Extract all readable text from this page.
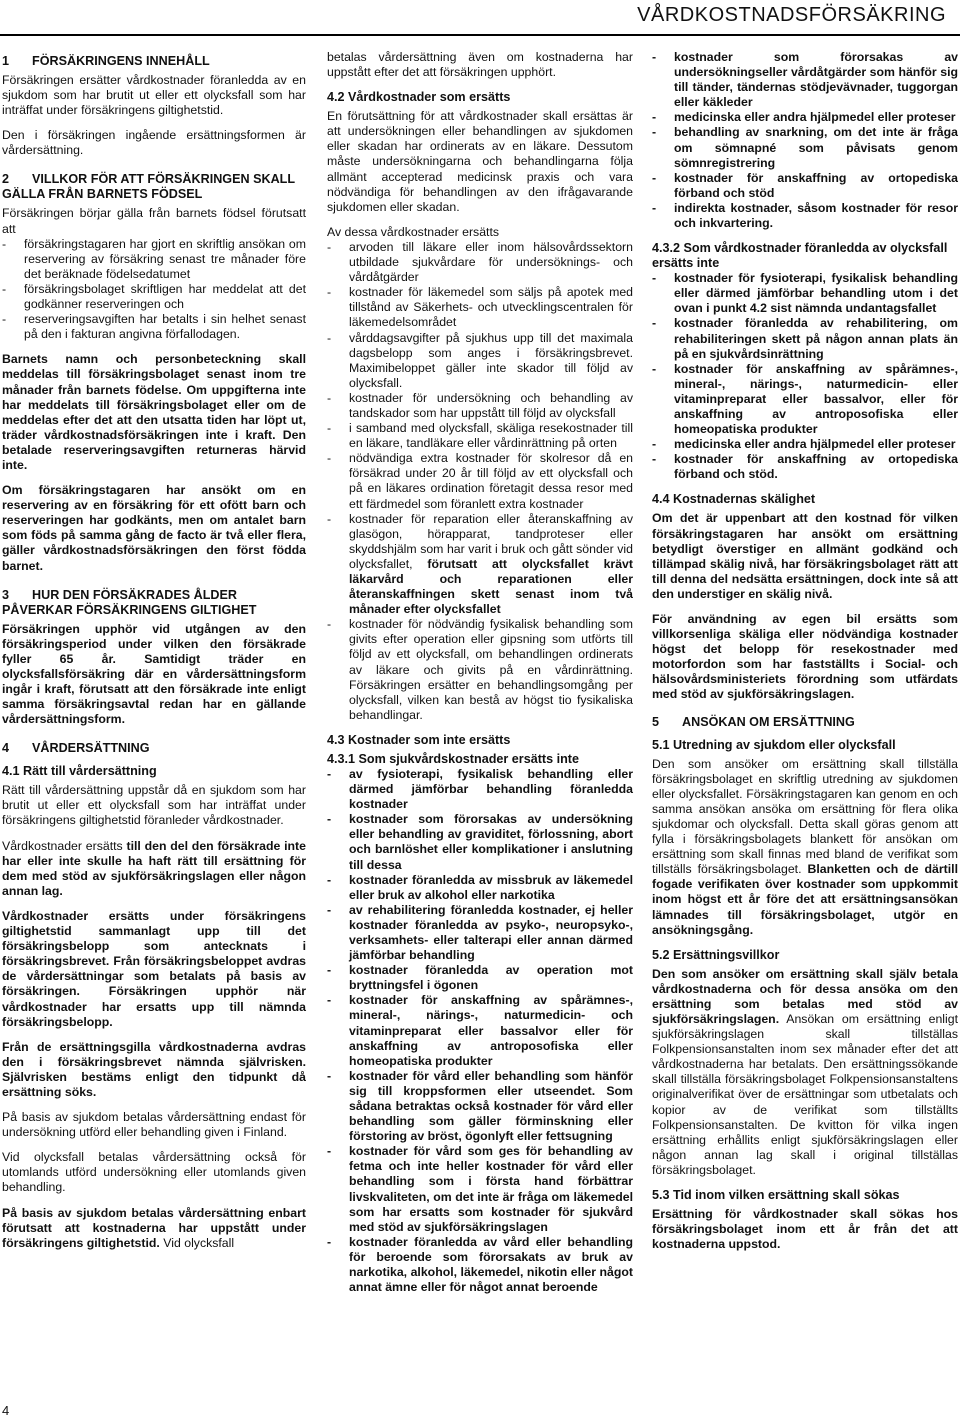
VÅRDKOSTNADSFÖRSÄKRING
1 FÖRSÄKRINGENS INNEHÅLL

Försäkringen ersätter vårdkostnader föranledda av en sjukdom som har brutit ut eller ett olycksfall som har inträffat under försäkringens giltighetstid.

Den i försäkringen ingående ersättningsformen är vårdersättning.

2 VILLKOR FÖR ATT FÖRSÄKRINGEN SKALL GÄLLA FRÅN BARNETS FÖDSEL

Försäkringen börjar gälla från barnets födsel förutsatt att

- försäkringstagaren har gjort en skriftlig ansökan om reservering av försäkring senast tre månader före det beräknade födelsedatumet
- försäkringsbolaget skriftligen har meddelat att det godkänner reserveringen och
- reserveringsavgiften har betalts i sin helhet senast på den i fakturan angivna förfallodagen.

Barnets namn och personbeteckning skall meddelas till försäkringsbolaget senast inom tre månader från barnets födelse. Om uppgifterna inte har meddelats till försäkringsbolaget eller om de meddelas efter det att den utsatta tiden har löpt ut, träder vårdkostnadsförsäkringen inte i kraft. Den betalade reserveringsavgiften returneras härvid inte.

Om försäkringstagaren har ansökt om en reservering av en försäkring för ett ofött barn och reserveringen har godkänts, men om antalet barn som föds på samma gång de facto är två eller flera, gäller vårdkostnadsförsäkringen den först födda barnet.

3 HUR DEN FÖRSÄKRADES ÅLDER PÅVERKAR FÖRSÄKRINGENS GILTIGHET

Försäkringen upphör vid utgången av den försäkringsperiod under vilken den försäkrade fyller 65 år. Samtidigt träder en olycksfallsförsäkring där en vårdersättningsform ingår i kraft, förutsatt att den försäkrade inte enligt samma försäkringsavtal redan har en gällande vårdersättningsform.

4 VÅRDERSÄTTNING
4.1 Rätt till vårdersättning

Rätt till vårdersättning uppstår då en sjukdom som har brutit ut eller ett olycksfall som har inträffat under försäkringens giltighetstid föranleder vårdkostnader.

Vårdkostnader ersätts till den del den försäkrade inte har eller inte skulle ha haft rätt till ersättning för dem med stöd av sjukförsäkringslagen eller någon annan lag.

Vårdkostnader ersätts under försäkringens giltighetstid sammanlagt upp till det försäkringsbelopp som antecknats i försäkringsbrevet. Från försäkringsbeloppet avdras de vårdersättningar som betalats på basis av försäkringen. Försäkringen upphör när vårdkostnader har ersatts upp till nämnda försäkringsbelopp.

Från de ersättningsgilla vårdkostnaderna avdras den i försäkringsbrevet nämnda självrisken. Självrisken bestäms enligt den tidpunkt då ersättning söks.

På basis av sjukdom betalas vårdersättning endast för undersökning utförd eller behandling given i Finland.

Vid olycksfall betalas vårdersättning också för utomlands utförd undersökning eller utomlands given behandling.

På basis av sjukdom betalas vårdersättning enbart förutsatt att kostnaderna har uppstått under försäkringens giltighetstid. Vid olycksfall

betalas vårdersättning även om kostnaderna har uppstått efter det att försäkringen upphört.

4.2 Vårdkostnader som ersätts

En förutsättning för att vårdkostnader skall ersättas är att undersökningen eller behandlingen av sjukdomen eller skadan har ordinerats av en läkare. Dessutom måste undersökningarna och behandlingarna följa allmänt accepterad medicinsk praxis och vara nödvändiga för behandlingen av den ifrågavarande sjukdomen eller skadan.

Av dessa vårdkostnader ersätts

- arvoden till läkare eller inom hälsovårdssektorn utbildade sjukvårdare för undersöknings- och vårdåtgärder
- kostnader för läkemedel som säljs på apotek med tillstånd av Säkerhets- och utvecklingscentralen för läkemedelsområdet
- vårddagsavgifter på sjukhus upp till det maximala dagsbelopp som anges i försäkringsbrevet. Maximibeloppet gäller inte skador till följd av olycksfall.
- kostnader för undersökning och behandling av tandskador som har uppstått till följd av olycksfall
- i samband med olycksfall, skäliga resekostnader till en läkare, tandläkare eller vårdinrättning på orten
- nödvändiga extra kostnader för skolresor då en försäkrad under 20 år till följd av ett olycksfall och på en läkares ordination företagit dessa resor med ett färdmedel som föranlett extra kostnader
- kostnader för reparation eller återanskaffning av glasögon, hörapparat, tandproteser eller skyddshjälm som har varit i bruk och gått sönder vid olycksfallet, förutsatt att olycksfallet krävt läkarvård och reparationen eller återanskaffningen skett senast inom två månader efter olycksfallet
- kostnader för nödvändig fysikalisk behandling som givits efter operation eller gipsning som utförts till följd av ett olycksfall, om behandlingen ordinerats av läkare och givits på en vårdinrättning. Försäkringen ersätter en behandlingsomgång per olycksfall, vilken kan bestå av högst tio fysikaliska behandlingar.
4.3 Kostnader som inte ersätts
4.3.1 Som sjukvårdskostnader ersätts inte
- av fysioterapi, fysikalisk behandling eller därmed jämförbar behandling föranledda kostnader
- kostnader som förorsakas av undersökning eller behandling av graviditet, förlossning, abort och barnlöshet eller komplikationer i anslutning till dessa
- kostnader föranledda av missbruk av läkemedel eller bruk av alkohol eller narkotika
- av rehabilitering föranledda kostnader, ej heller kostnader föranledda av psyko-, neuropsyko-, verksamhets- eller talterapi eller annan därmed jämförbar behandling
- kostnader föranledda av operation mot bryttningsfel i ögonen
- kostnader för anskaffning av spårämnes-, mineral-, närings-, naturmedicin- och vitaminpreparat eller bassalvor eller för anskaffning av antroposofiska eller homeopatiska produkter
- kostnader för vård eller behandling som hänför sig till kroppsformen eller utseendet. Som sådana betraktas också kostnader för vård eller behandling som gäller förminskning eller förstoring av bröst, ögonlyft eller fettsugning
- kostnader för vård som ges för behandling av fetma och inte heller kostnader för vård eller behandling som i första hand förbättrar livskvaliteten, om det inte är fråga om läkemedel som har ersatts som kostnader för sjukvård med stöd av sjukförsäkringslagen
- kostnader föranledda av vård eller behandling för beroende som förorsakats av bruk av narkotika, alkohol, läkemedel, nikotin eller något annat ämne eller för något annat beroende
- kostnader som förorsakas av undersökningseller vårdåtgärder som hänför sig till tänder, tändernas stödjevävnader, tuggorgan eller käkleder
- medicinska eller andra hjälpmedel eller proteser
- behandling av snarkning, om det inte är fråga om sömnapné som påvisats genom sömnregistrering
- kostnader för anskaffning av ortopediska förband och stöd
- indirekta kostnader, såsom kostnader för resor och inkvartering.
4.3.2 Som vårdkostnader föranledda av olycksfall ersätts inte
- kostnader för fysioterapi, fysikalisk behandling eller därmed jämförbar behandling utom i det ovan i punkt 4.2 sist nämnda undantagsfallet
- kostnader föranledda av rehabilitering, om rehabiliteringen skett på någon annan plats än på en sjukvårdsinrättning
- kostnader för anskaffning av spårämnes-, mineral-, närings-, naturmedicin- eller vitaminpreparat eller bassalvor, eller för anskaffning av antroposofiska eller homeopatiska produkter
- medicinska eller andra hjälpmedel eller proteser
- kostnader för anskaffning av ortopediska förband och stöd.
4.4 Kostnadernas skälighet

Om det är uppenbart att den kostnad för vilken försäkringstagaren har ansökt om ersättning betydligt överstiger en allmänt godkänd och tillämpad skälig nivå, har försäkringsbolaget rätt att till denna del nedsätta ersättningen, dock inte så att den understiger en skälig nivå.

För användning av egen bil ersätts som villkorsenliga skäliga eller nödvändiga kostnader högst det belopp för resekostnader med motorfordon som har fastställts i Social- och hälsovårdsministeriets förordning som utfärdats med stöd av sjukförsäkringslagen.

5 ANSÖKAN OM ERSÄTTNING
5.1 Utredning av sjukdom eller olycksfall

Den som ansöker om ersättning skall tillställa försäkringsbolaget en skriftlig utredning av sjukdomen eller olycksfallet. Försäkringstagaren kan genom en och samma ansökan ansöka om ersättning för flera olika sjukdomar och olycksfall. Detta skall göras genom att fylla i försäkringsbolagets blankett för ansökan om ersättning som skall finnas med bland de verifikat som tillställs försäkringsbolaget. Blanketten och de därtill fogade verifikaten över kostnader som uppkommit inom högst ett år före det att ersättningsansökan lämnades till försäkringsbolaget, utgör en ansökningsgång.

5.2 Ersättningsvillkor

Den som ansöker om ersättning skall själv betala vårdkostnaderna och för dessa ansöka om den ersättning som betalas med stöd av sjukförsäkringslagen. Ansökan om ersättning enligt sjukförsäkringslagen skall tillställas Folkpensionsanstalten inom sex månader efter det att vårdkostnaderna har betalats. Den ersättningssökande skall tillställa försäkringsbolaget Folkpensionsanstaltens originalverifikat över de ersättningar som utbetalats och kopior av de verifikat som tillställts Folkpensionsanstalten. De kvitton för vilka ingen ersättning erhållits enligt sjukförsäkringslagen eller någon annan lag skall i original tillställas försäkringsbolaget.

5.3 Tid inom vilken ersättning skall sökas

Ersättning för vårdkostnader skall sökas hos försäkringsbolaget inom ett år från det att kostnaderna uppstod.

4
